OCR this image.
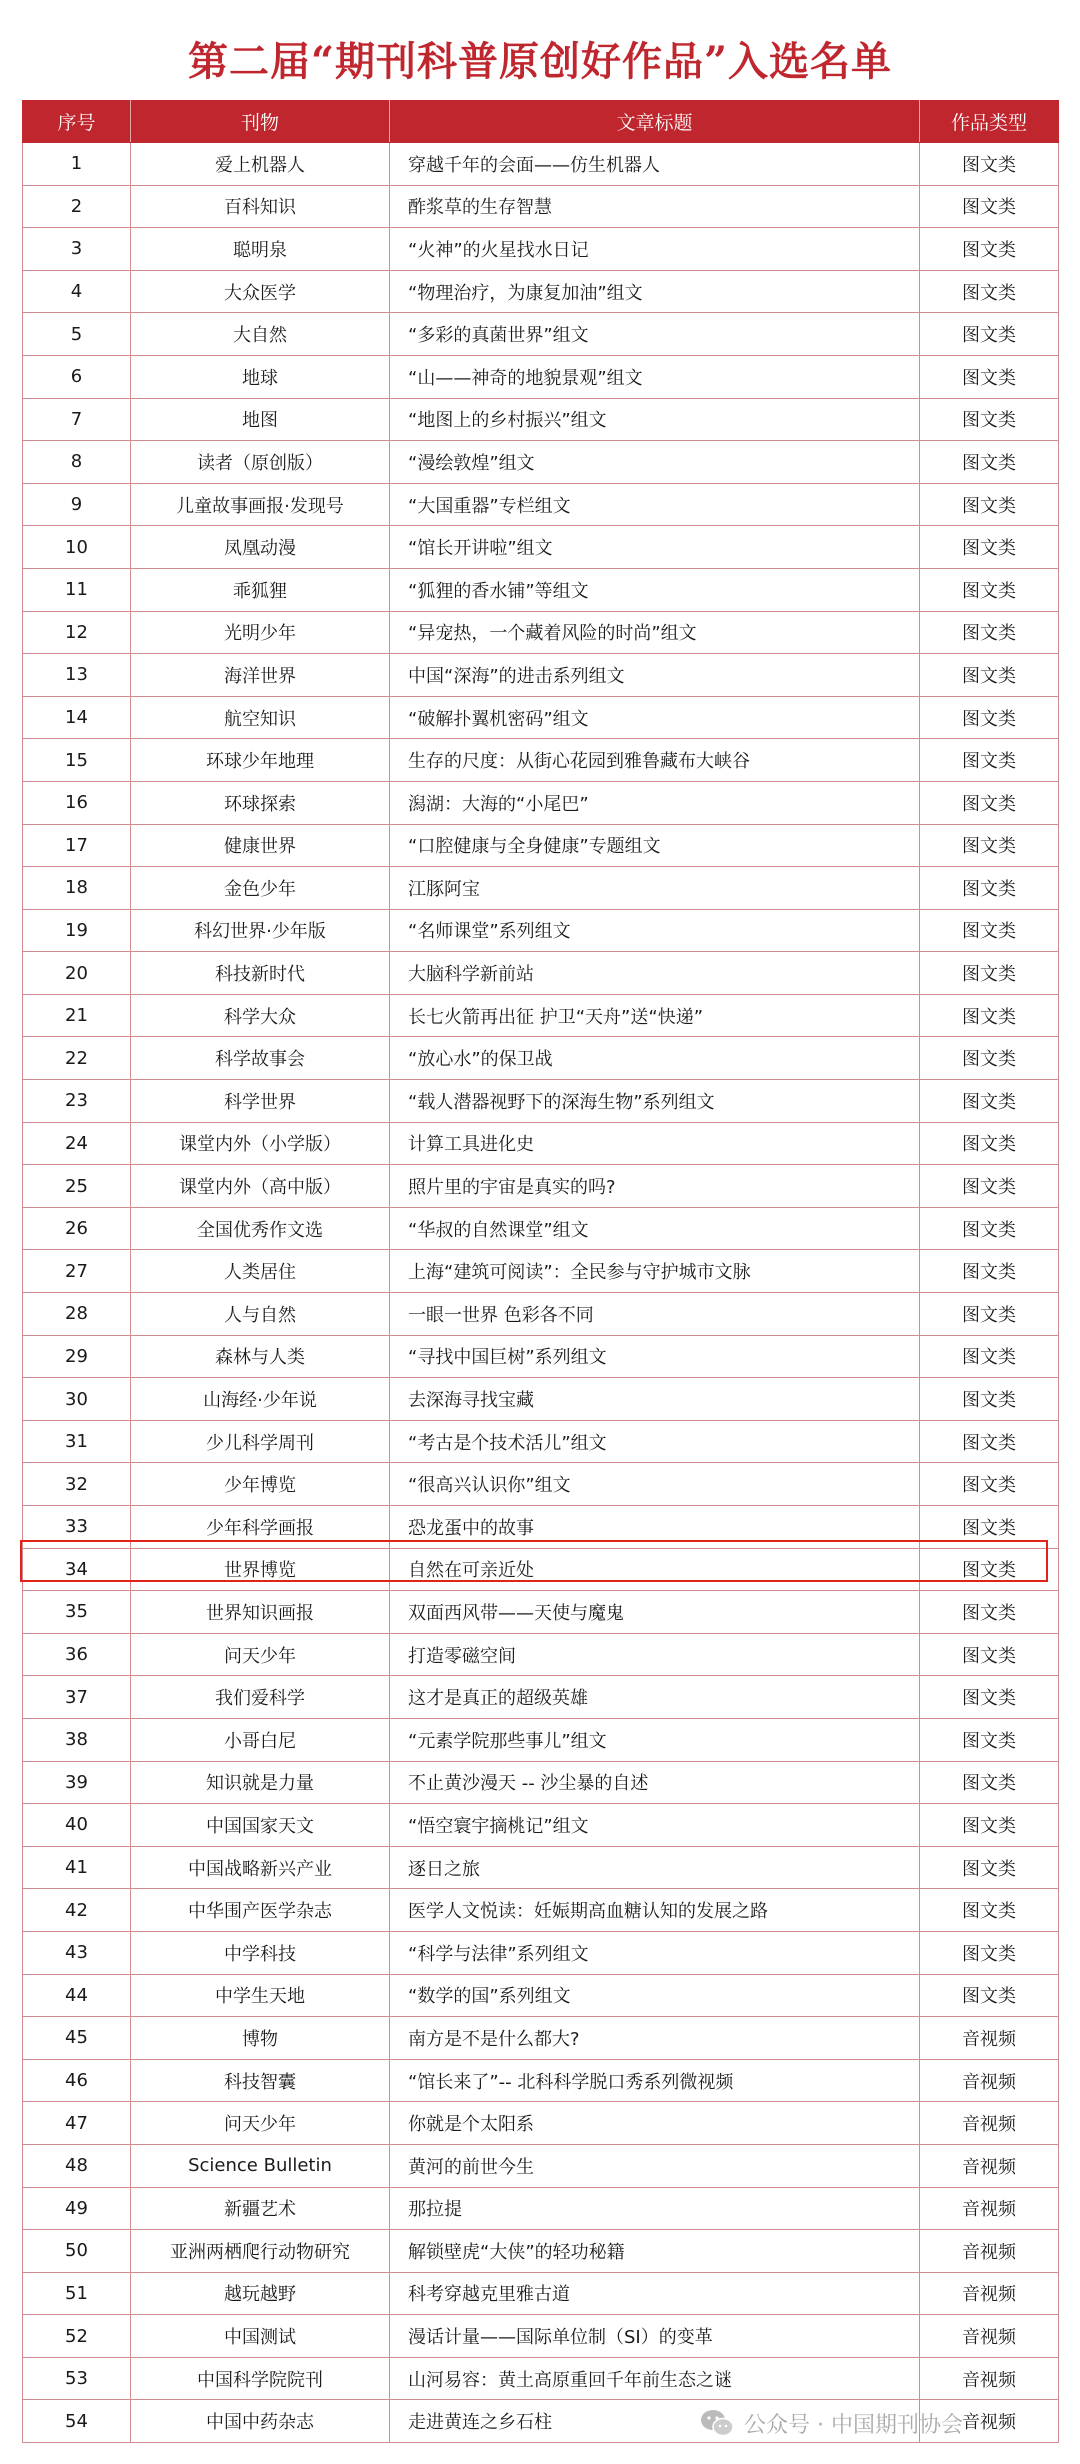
第二届“期刊科普原创好作品”入选名单
序号	刊物	文章标题	作品类型
1	爱上机器人	穿越千年的会面——仿生机器人	图文类
2	百科知识	酢浆草的生存智慧	图文类
3	聪明泉	“火神”的火星找水日记	图文类
4	大众医学	“物理治疗，为康复加油”组文	图文类
5	大自然	“多彩的真菌世界”组文	图文类
6	地球	“山——神奇的地貌景观”组文	图文类
7	地图	“地图上的乡村振兴”组文	图文类
8	读者（原创版）	“漫绘敦煌”组文	图文类
9	儿童故事画报·发现号	“大国重器”专栏组文	图文类
10	凤凰动漫	“馆长开讲啦”组文	图文类
11	乖狐狸	“狐狸的香水铺”等组文	图文类
12	光明少年	“异宠热，一个藏着风险的时尚”组文	图文类
13	海洋世界	中国“深海”的进击系列组文	图文类
14	航空知识	“破解扑翼机密码”组文	图文类
15	环球少年地理	生存的尺度：从街心花园到雅鲁藏布大峡谷	图文类
16	环球探索	潟湖：大海的“小尾巴”	图文类
17	健康世界	“口腔健康与全身健康”专题组文	图文类
18	金色少年	江豚阿宝	图文类
19	科幻世界·少年版	“名师课堂”系列组文	图文类
20	科技新时代	大脑科学新前站	图文类
21	科学大众	长七火箭再出征 护卫“天舟”送“快递”	图文类
22	科学故事会	“放心水”的保卫战	图文类
23	科学世界	“载人潜器视野下的深海生物”系列组文	图文类
24	课堂内外（小学版）	计算工具进化史	图文类
25	课堂内外（高中版）	照片里的宇宙是真实的吗?	图文类
26	全国优秀作文选	“华叔的自然课堂”组文	图文类
27	人类居住	上海“建筑可阅读”：全民参与守护城市文脉	图文类
28	人与自然	一眼一世界 色彩各不同	图文类
29	森林与人类	“寻找中国巨树”系列组文	图文类
30	山海经·少年说	去深海寻找宝藏	图文类
31	少儿科学周刊	“考古是个技术活儿”组文	图文类
32	少年博览	“很高兴认识你”组文	图文类
33	少年科学画报	恐龙蛋中的故事	图文类
34	世界博览	自然在可亲近处	图文类
35	世界知识画报	双面西风带——天使与魔鬼	图文类
36	问天少年	打造零磁空间	图文类
37	我们爱科学	这才是真正的超级英雄	图文类
38	小哥白尼	“元素学院那些事儿”组文	图文类
39	知识就是力量	不止黄沙漫天 -- 沙尘暴的自述	图文类
40	中国国家天文	“悟空寰宇摘桃记”组文	图文类
41	中国战略新兴产业	逐日之旅	图文类
42	中华围产医学杂志	医学人文悦读：妊娠期高血糖认知的发展之路	图文类
43	中学科技	“科学与法律”系列组文	图文类
44	中学生天地	“数学的国”系列组文	图文类
45	博物	南方是不是什么都大?	音视频
46	科技智囊	“馆长来了”-- 北科科学脱口秀系列微视频	音视频
47	问天少年	你就是个太阳系	音视频
48	Science Bulletin	黄河的前世今生	音视频
49	新疆艺术	那拉提	音视频
50	亚洲两栖爬行动物研究	解锁壁虎“大侠”的轻功秘籍	音视频
51	越玩越野	科考穿越克里雅古道	音视频
52	中国测试	漫话计量——国际单位制（SI）的变革	音视频
53	中国科学院院刊	山河易容：黄土高原重回千年前生态之谜	音视频
54	中国中药杂志	走进黄连之乡石柱	音视频
公众号 · 中国期刊协会
